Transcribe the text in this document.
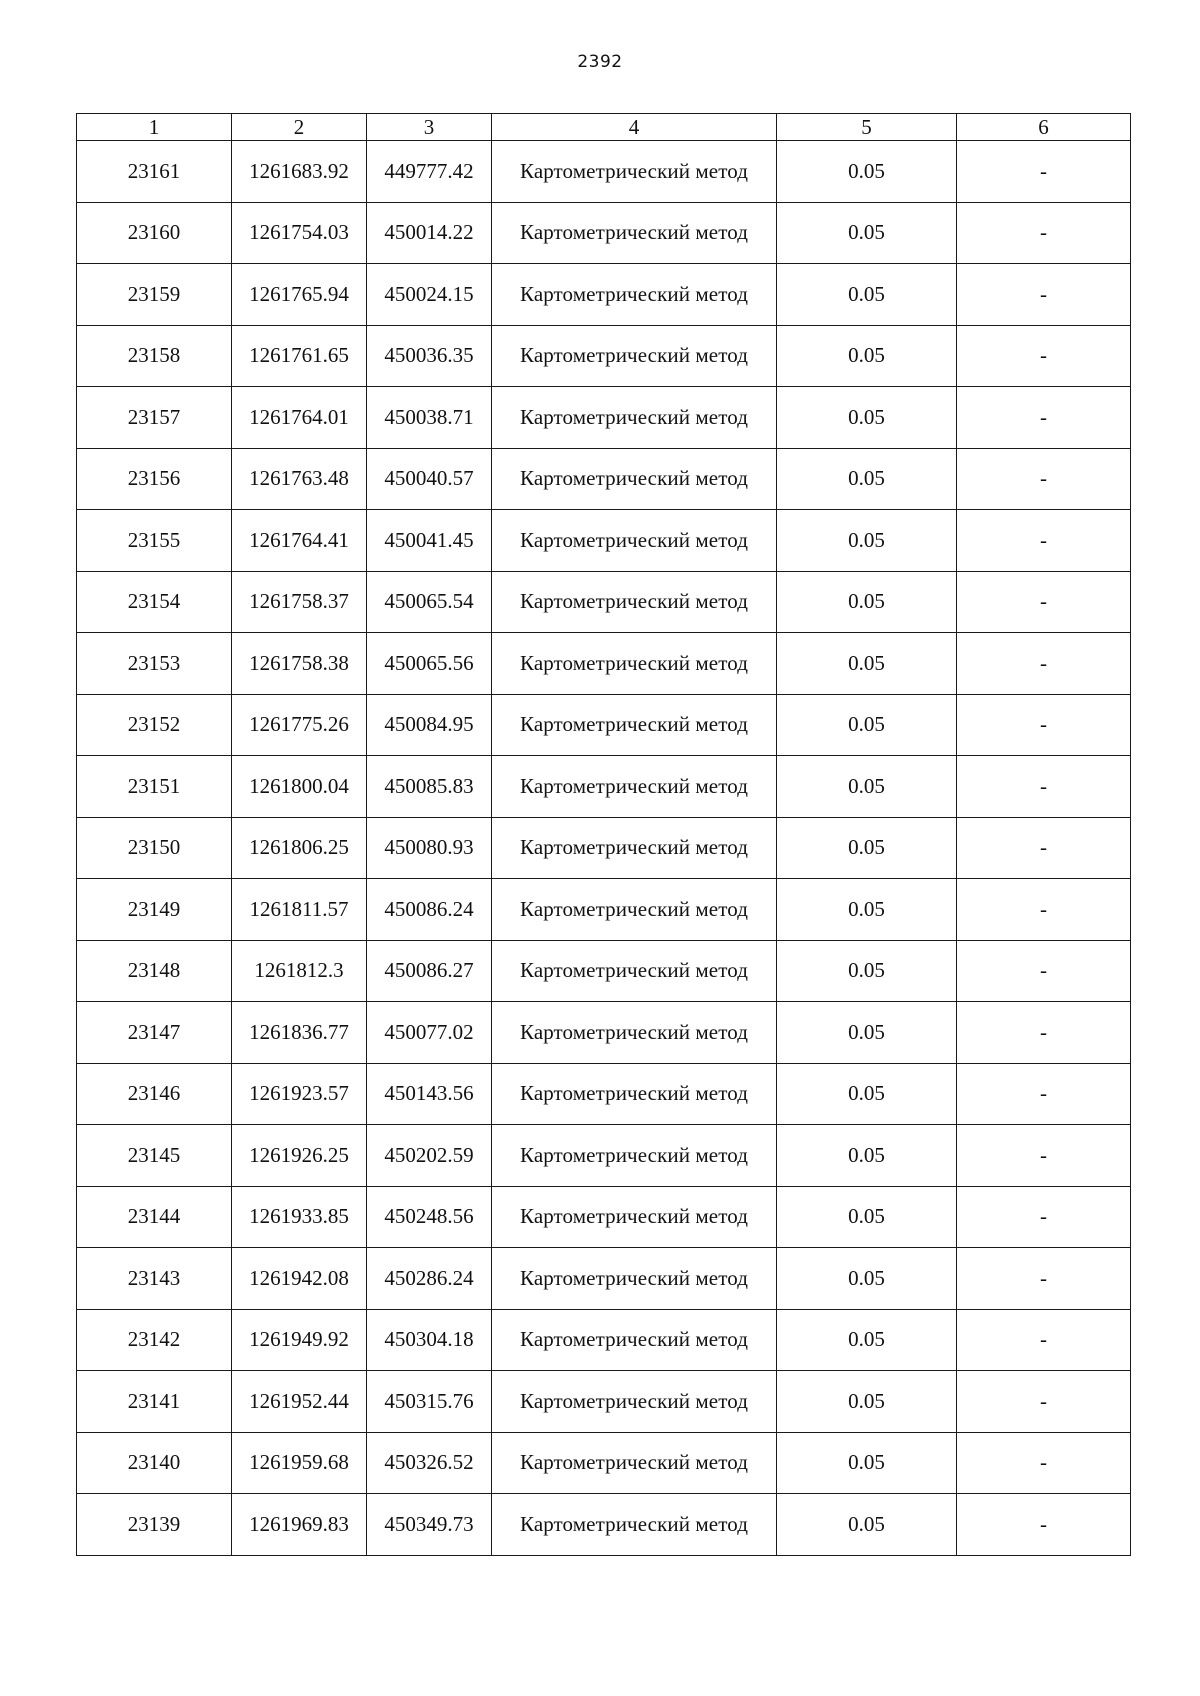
2392
1	2	3	4	5	6
23161	1261683.92	449777.42	Картометрический метод	0.05	-
23160	1261754.03	450014.22	Картометрический метод	0.05	-
23159	1261765.94	450024.15	Картометрический метод	0.05	-
23158	1261761.65	450036.35	Картометрический метод	0.05	-
23157	1261764.01	450038.71	Картометрический метод	0.05	-
23156	1261763.48	450040.57	Картометрический метод	0.05	-
23155	1261764.41	450041.45	Картометрический метод	0.05	-
23154	1261758.37	450065.54	Картометрический метод	0.05	-
23153	1261758.38	450065.56	Картометрический метод	0.05	-
23152	1261775.26	450084.95	Картометрический метод	0.05	-
23151	1261800.04	450085.83	Картометрический метод	0.05	-
23150	1261806.25	450080.93	Картометрический метод	0.05	-
23149	1261811.57	450086.24	Картометрический метод	0.05	-
23148	1261812.3	450086.27	Картометрический метод	0.05	-
23147	1261836.77	450077.02	Картометрический метод	0.05	-
23146	1261923.57	450143.56	Картометрический метод	0.05	-
23145	1261926.25	450202.59	Картометрический метод	0.05	-
23144	1261933.85	450248.56	Картометрический метод	0.05	-
23143	1261942.08	450286.24	Картометрический метод	0.05	-
23142	1261949.92	450304.18	Картометрический метод	0.05	-
23141	1261952.44	450315.76	Картометрический метод	0.05	-
23140	1261959.68	450326.52	Картометрический метод	0.05	-
23139	1261969.83	450349.73	Картометрический метод	0.05	-
